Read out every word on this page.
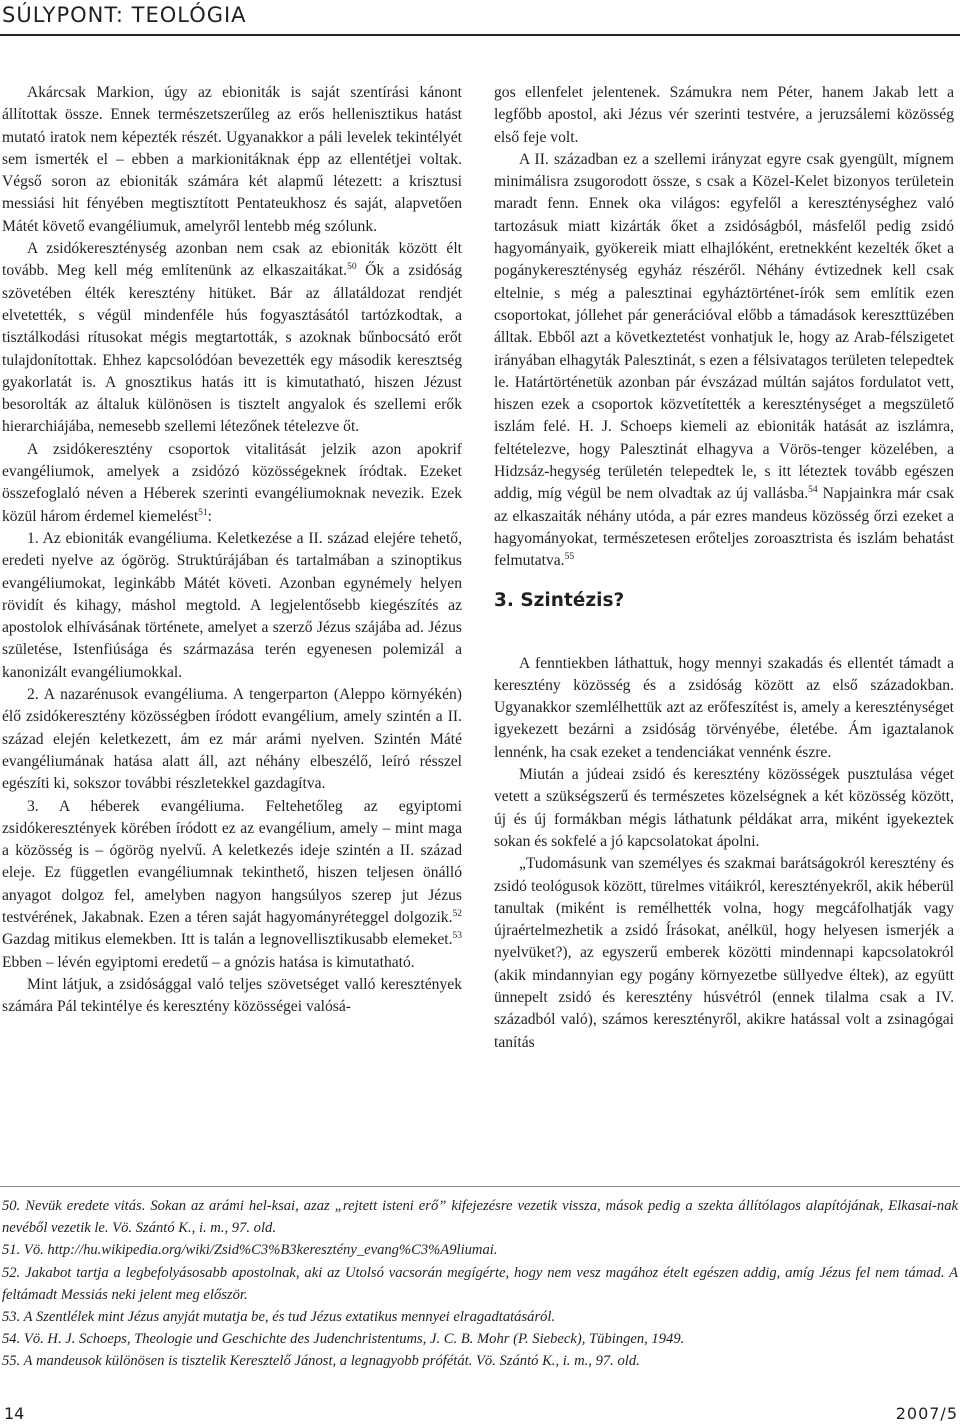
SÚLYPONT: TEOLÓGIA

Akárcsak Markion, úgy az ebioniták is saját szentírási kánont állítottak össze. Ennek természetszerűleg az erős hellenisztikus hatást mutató iratok nem képezték részét. Ugyanakkor a páli levelek tekintélyét sem ismerték el – ebben a markionitáknak épp az ellentétjei voltak. Végső soron az ebioniták számára két alapmű létezett: a krisztusi messiási hit fényében megtisztított Pentateukhosz és saját, alapvetően Mátét követő evangéliumuk, amelyről lentebb még szólunk.

A zsidókereszténység azonban nem csak az ebioniták között élt tovább. Meg kell még említenünk az elkaszaitákat.$^{50}$ Ők a zsidóság szövetében élték keresztény hitüket. Bár az állatáldozat rendjét elvetették, s végül mindenféle hús fogyasztásától tartózkodtak, a tisztálkodási rítusokat mégis megtartották, s azoknak bűnbocsátó erőt tulajdonítottak. Ehhez kapcsolódóan bevezették egy második keresztség gyakorlatát is. A gnosztikus hatás itt is kimutatható, hiszen Jézust besorolták az általuk különösen is tisztelt angyalok és szellemi erők hierarchiájába, nemesebb szellemi létezőnek tételezve őt.

A zsidókeresztény csoportok vitalitását jelzik azon apokrif evangéliumok, amelyek a zsidózó közösségeknek íródtak. Ezeket összefoglaló néven a Héberek szerinti evangéliumoknak nevezik. Ezek közül három érdemel kiemelést$^{51}$:

1. Az ebioniták evangéliuma. Keletkezése a II. század elejére tehető, eredeti nyelve az ógörög. Struktúrájában és tartalmában a szinoptikus evangéliumokat, leginkább Mátét követi. Azonban egynémely helyen rövidít és kihagy, máshol megtold. A legjelentősebb kiegészítés az apostolok elhívásának története, amelyet a szerző Jézus szájába ad. Jézus születése, Istenfiúsága és származása terén egyenesen polemizál a kanonizált evangéliumokkal.

2. A nazarénusok evangéliuma. A tengerparton (Aleppo környékén) élő zsidókeresztény közösségben íródott evangélium, amely szintén a II. század elején keletkezett, ám ez már arámi nyelven. Szintén Máté evangéliumának hatása alatt áll, azt néhány elbeszélő, leíró résszel egészíti ki, sokszor további részletekkel gazdagítva.

3. A héberek evangéliuma. Feltehetőleg az egyiptomi zsidókeresztények körében íródott ez az evangélium, amely – mint maga a közösség is – ógörög nyelvű. A keletkezés ideje szintén a II. század eleje. Ez független evangéliumnak tekinthető, hiszen teljesen önálló anyagot dolgoz fel, amelyben nagyon hangsúlyos szerep jut Jézus testvérének, Jakabnak. Ezen a téren saját hagyományréteggel dolgozik.$^{52}$ Gazdag mitikus elemekben. Itt is talán a legnovellisztikusabb elemeket.$^{53}$ Ebben – lévén egyiptomi eredetű – a gnózis hatása is kimutatható.

Mint látjuk, a zsidósággal való teljes szövetséget valló keresztények számára Pál tekintélye és keresztény közösségei valósá-

gos ellenfelet jelentenek. Számukra nem Péter, hanem Jakab lett a legfőbb apostol, aki Jézus vér szerinti testvére, a jeruzsálemi közösség első feje volt.

A II. században ez a szellemi irányzat egyre csak gyengült, mígnem minimálisra zsugorodott össze, s csak a Közel-Kelet bizonyos területein maradt fenn. Ennek oka világos: egyfelől a kereszténységhez való tartozásuk miatt kizárták őket a zsidóságból, másfelől pedig zsidó hagyományaik, gyökereik miatt elhajlóként, eretnekként kezelték őket a pogánykereszténység egyház részéről. Néhány évtizednek kell csak eltelnie, s még a palesztinai egyháztörténet-írók sem említik ezen csoportokat, jóllehet pár generációval előbb a támadások kereszttüzében álltak. Ebből azt a következtetést vonhatjuk le, hogy az Arab-félszigetet irányában elhagyták Palesztinát, s ezen a félsivatagos területen telepedtek le. Határtörténetük azonban pár évszázad múltán sajátos fordulatot vett, hiszen ezek a csoportok közvetítették a kereszténységet a megszülető iszlám felé. H. J. Schoeps kiemeli az ebioniták hatását az iszlámra, feltételezve, hogy Palesztinát elhagyva a Vörös-tenger közelében, a Hidzsáz-hegység területén telepedtek le, s itt léteztek tovább egészen addig, míg végül be nem olvadtak az új vallásba.$^{54}$ Napjainkra már csak az elkaszaiták néhány utóda, a pár ezres mandeus közösség őrzi ezeket a hagyományokat, természetesen erőteljes zoroasztrista és iszlám behatást felmutatva.$^{55}$

3. Szintézis?

A fenntiekben láthattuk, hogy mennyi szakadás és ellentét támadt a keresztény közösség és a zsidóság között az első századokban. Ugyanakkor szemlélhettük azt az erőfeszítést is, amely a kereszténységet igyekezett bezárni a zsidóság törvényébe, életébe. Ám igaztalanok lennénk, ha csak ezeket a tendenciákat vennénk észre.

Miután a júdeai zsidó és keresztény közösségek pusztulása véget vetett a szükségszerű és természetes közelségnek a két közösség között, új és új formákban mégis láthatunk példákat arra, miként igyekeztek sokan és sokfelé a jó kapcsolatokat ápolni.

„Tudomásunk van személyes és szakmai barátságokról keresztény és zsidó teológusok között, türelmes vitáikról, keresztényekről, akik héberül tanultak (miként is remélhették volna, hogy megcáfolhatják vagy újraértelmezhetik a zsidó Írásokat, anélkül, hogy helyesen ismerjék a nyelvüket?), az egyszerű emberek közötti mindennapi kapcsolatokról (akik mindannyian egy pogány környezetbe süllyedve éltek), az együtt ünnepelt zsidó és keresztény húsvétról (ennek tilalma csak a IV. századból való), számos keresztényről, akikre hatással volt a zsinagógai tanítás

50. Nevük eredete vitás. Sokan az arámi hel-ksai, azaz „rejtett isteni erő” kifejezésre vezetik vissza, mások pedig a szekta állítólagos alapítójának, Elkasai-nak nevéből vezetik le. Vö. Szántó K., i. m., 97. old.

51. Vö. http://hu.wikipedia.org/wiki/Zsid%C3%B3keresztény_evang%C3%A9liumai.

52. Jakabot tartja a legbefolyásosabb apostolnak, aki az Utolsó vacsorán megígérte, hogy nem vesz magához ételt egészen addig, amíg Jézus fel nem támad. A feltámadt Messiás neki jelent meg először.

53. A Szentlélek mint Jézus anyját mutatja be, és tud Jézus extatikus mennyei elragadtatásáról.

54. Vö. H. J. Schoeps, Theologie und Geschichte des Judenchristentums, J. C. B. Mohr (P. Siebeck), Tübingen, 1949.

55. A mandeusok különösen is tisztelik Keresztelő Jánost, a legnagyobb prófétát. Vö. Szántó K., i. m., 97. old.

14	2007/5
